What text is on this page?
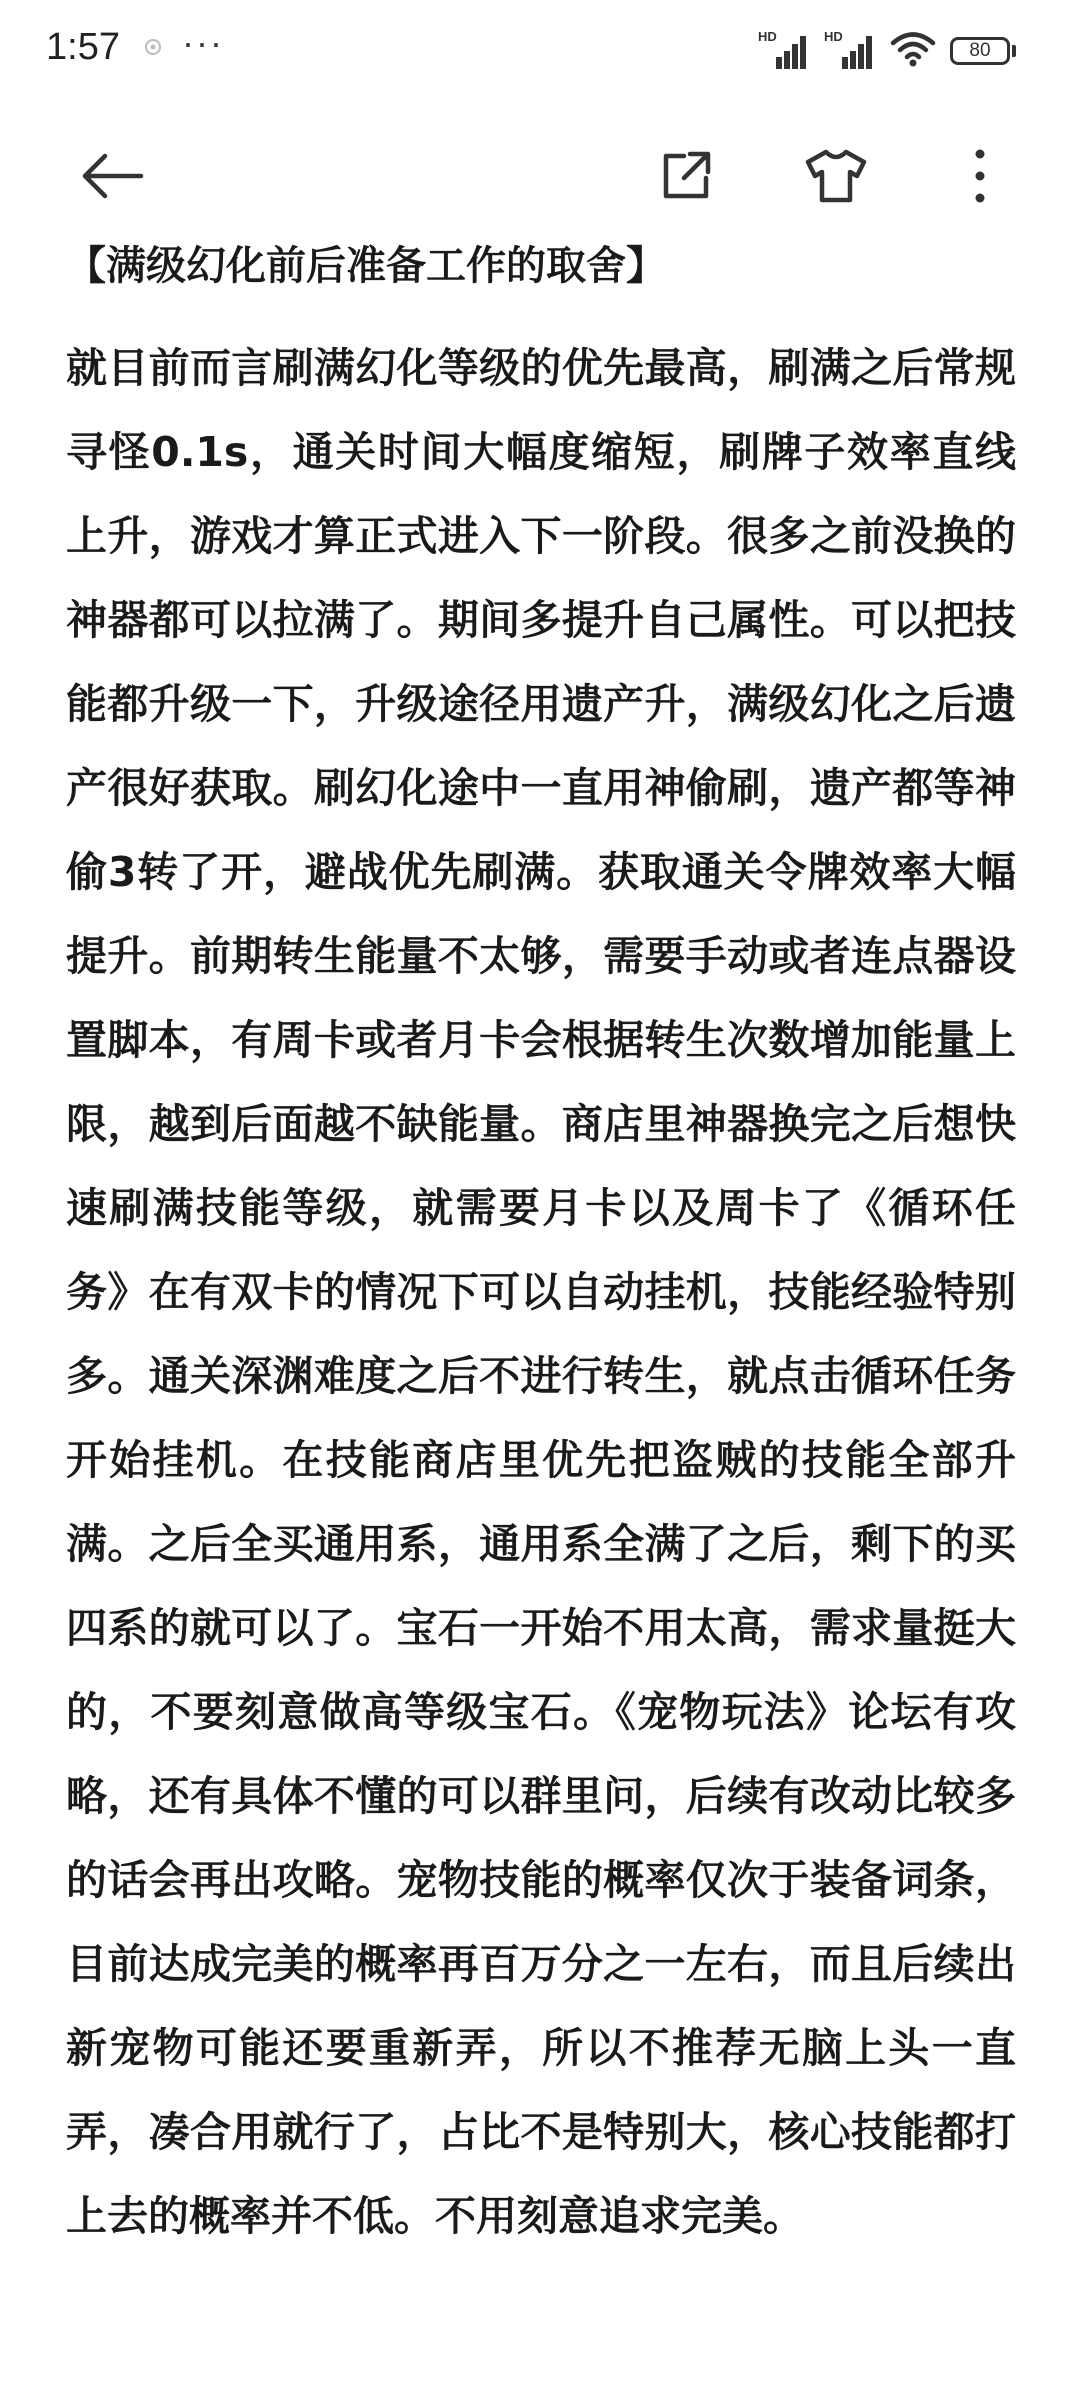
1:57 ···	HD	HD
80
【满级幻化前后准备工作的取舍】

就目前而言刷满幻化等级的优先最高，刷满之后常规寻怪0.1s，通关时间大幅度缩短，刷牌子效率直线上升，游戏才算正式进入下一阶段。很多之前没换的神器都可以拉满了。期间多提升自己属性。可以把技能都升级一下，升级途径用遗产升，满级幻化之后遗产很好获取。刷幻化途中一直用神偷刷，遗产都等神偷3转了开，避战优先刷满。获取通关令牌效率大幅提升。前期转生能量不太够，需要手动或者连点器设置脚本，有周卡或者月卡会根据转生次数增加能量上限，越到后面越不缺能量。商店里神器换完之后想快速刷满技能等级，就需要月卡以及周卡了《循环任务》在有双卡的情况下可以自动挂机，技能经验特别多。通关深渊难度之后不进行转生，就点击循环任务开始挂机。在技能商店里优先把盗贼的技能全部升满。之后全买通用系，通用系全满了之后，剩下的买四系的就可以了。宝石一开始不用太高，需求量挺大的，不要刻意做高等级宝石。《宠物玩法》论坛有攻略，还有具体不懂的可以群里问，后续有改动比较多的话会再出攻略。宠物技能的概率仅次于装备词条，目前达成完美的概率再百万分之一左右，而且后续出新宠物可能还要重新弄，所以不推荐无脑上头一直弄，凑合用就行了，占比不是特别大，核心技能都打上去的概率并不低。不用刻意追求完美。
